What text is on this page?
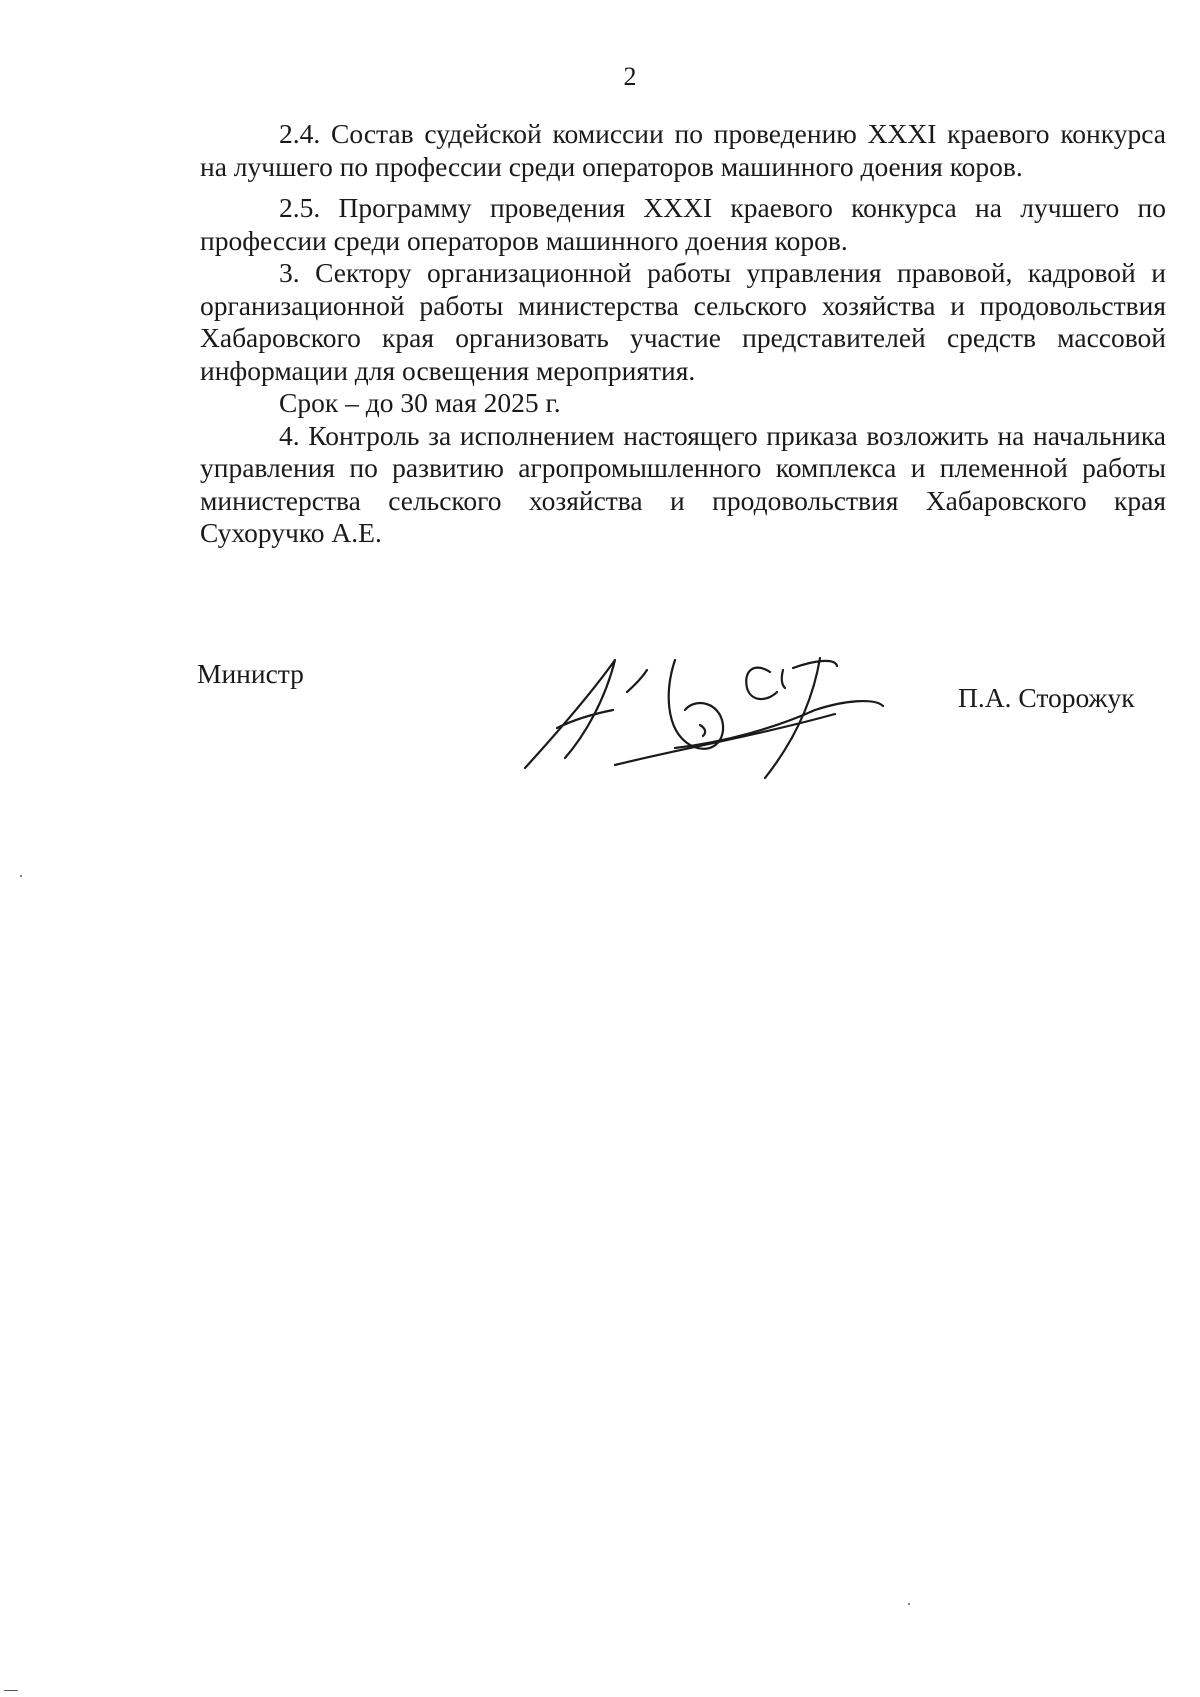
2

2.4. Состав судейской комиссии по проведению XXXI краевого конкурса на лучшего по профессии среди операторов машинного доения коров.

2.5. Программу проведения XXXI краевого конкурса на лучшего по профессии среди операторов машинного доения коров.

3. Сектору организационной работы управления правовой, кадровой и организационной работы министерства сельского хозяйства и продовольствия Хабаровского края организовать участие представителей средств массовой информации для освещения мероприятия.

Срок – до 30 мая 2025 г.

4. Контроль за исполнением настоящего приказа возложить на начальника управления по развитию агропромышленного комплекса и племенной работы министерства сельского хозяйства и продовольствия Хабаровского края Сухоручко А.Е.

Министр
П.А. Сторожук
